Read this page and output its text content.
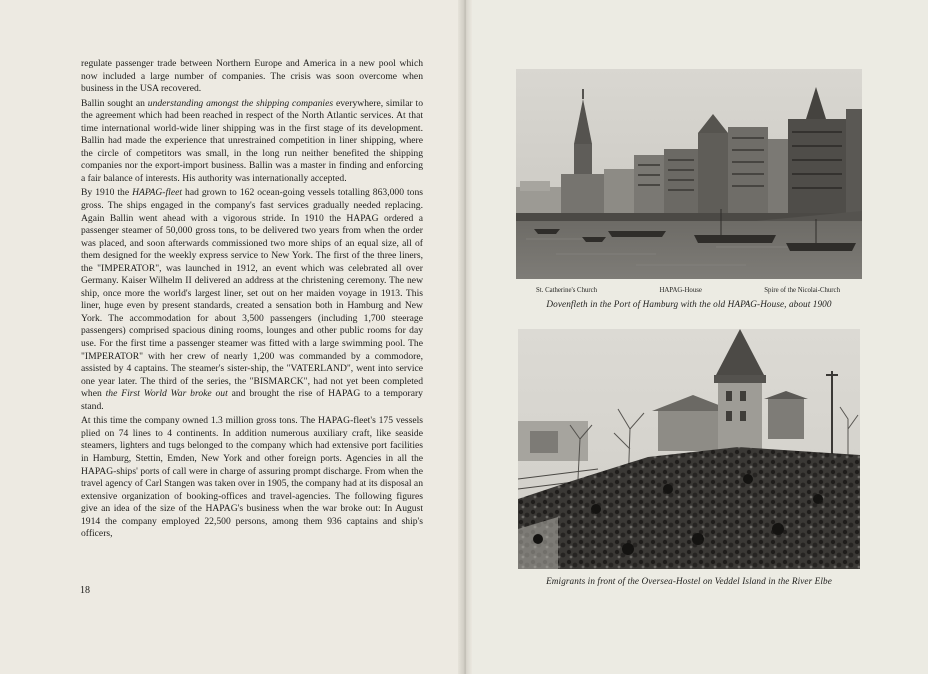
regulate passenger trade between Northern Europe and America in a new pool which now included a large number of companies. The crisis was soon overcome when business in the USA recovered.

Ballin sought an understanding amongst the shipping companies everywhere, similar to the agreement which had been reached in respect of the North Atlantic services. At that time international world-wide liner shipping was in the first stage of its development. Ballin had made the experience that unrestrained competition in liner shipping, where the circle of competitors was small, in the long run neither benefited the shipping companies nor the export-import business. Ballin was a master in finding and enforcing a fair balance of interests. His authority was internationally accepted.

By 1910 the HAPAG-fleet had grown to 162 ocean-going vessels totalling 863,000 tons gross. The ships engaged in the company's fast services gradually needed replacing. Again Ballin went ahead with a vigorous stride. In 1910 the HAPAG ordered a passenger steamer of 50,000 gross tons, to be delivered two years from when the order was placed, and soon afterwards commissioned two more ships of an equal size, all of them designed for the weekly express service to New York. The first of the three liners, the "IMPERATOR", was launched in 1912, an event which was celebrated all over Germany. Kaiser Wilhelm II delivered an address at the christening ceremony. The new ship, once more the world's largest liner, set out on her maiden voyage in 1913. This liner, huge even by present standards, created a sensation both in Hamburg and New York. The accommodation for about 3,500 passengers (including 1,700 steerage passengers) comprised spacious dining rooms, lounges and other public rooms for day use. For the first time a passenger steamer was fitted with a large swimming pool. The "IMPERATOR" with her crew of nearly 1,200 was commanded by a commodore, assisted by 4 captains. The steamer's sister-ship, the "VATERLAND", went into service one year later. The third of the series, the "BISMARCK", had not yet been completed when the First World War broke out and brought the rise of HAPAG to a temporary stand.

At this time the company owned 1.3 million gross tons. The HAPAG-fleet's 175 vessels plied on 74 lines to 4 continents. In addition numerous auxiliary craft, like seaside steamers, lighters and tugs belonged to the company which had extensive port facilities in Hamburg, Stettin, Emden, New York and other foreign ports. Agencies in all the HAPAG-ships' ports of call were in charge of assuring prompt discharge. From when the travel agency of Carl Stangen was taken over in 1905, the company had at its disposal an extensive organization of booking-offices and travel-agencies. The following figures give an idea of the size of the HAPAG's business when the war broke out: In August 1914 the company employed 22,500 persons, among them 936 captains and ship's officers,

18
St. Catherine's Church	HAPAG-House	Spire of the Nicolai-Church
Dovenfleth in the Port of Hamburg with the old HAPAG-House, about 1900
Emigrants in front of the Oversea-Hostel on Veddel Island in the River Elbe
